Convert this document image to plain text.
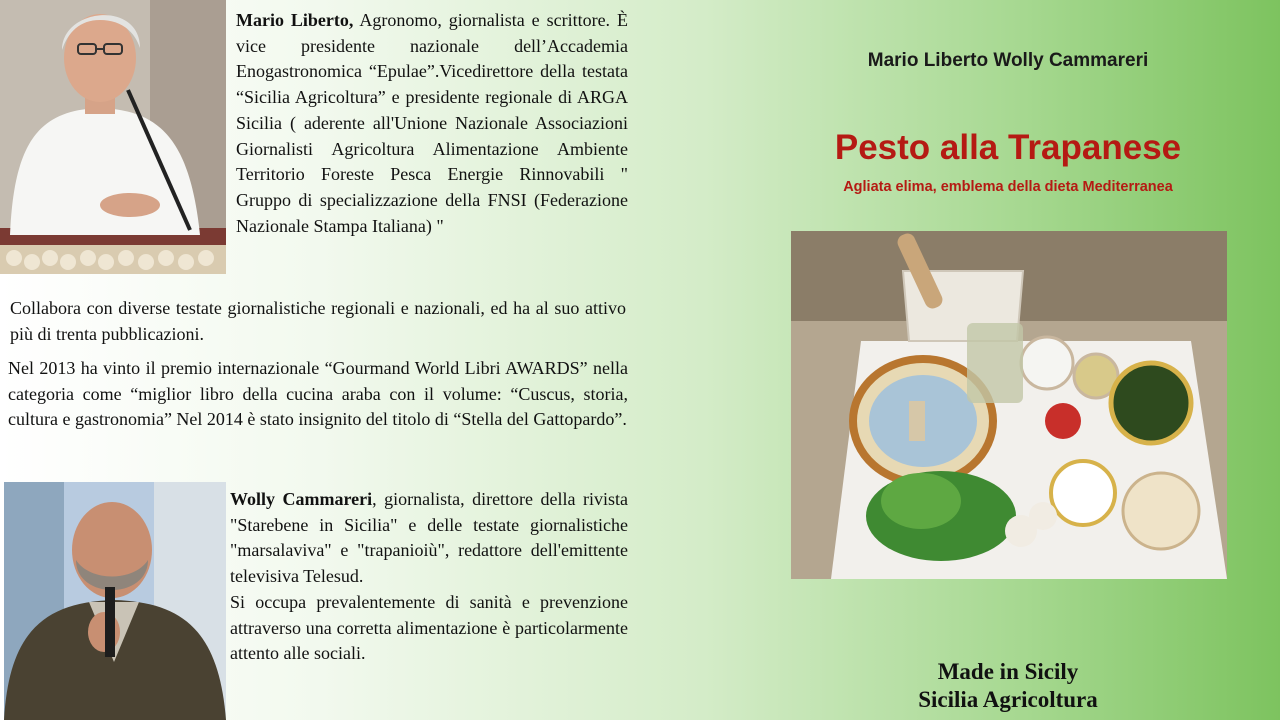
Mario Liberto, Agronomo, giornalista e scrittore. È vice presidente nazionale dell’Accademia Enogastronomica “Epulae”.Vicedirettore della testata “Sicilia Agricoltura” e presidente regionale di ARGA Sicilia ( aderente all'Unione Nazionale Associazioni Giornalisti Agricoltura Alimentazione Ambiente Territorio Foreste Pesca Energie Rinnovabili " Gruppo di specializzazione della FNSI (Federazione Nazionale Stampa Italiana) "

Collabora con diverse testate giornalistiche regionali e nazionali, ed ha al suo attivo più di trenta pubblicazioni.

Nel 2013 ha vinto il premio internazionale “Gourmand World Libri AWARDS” nella categoria come “miglior libro della cucina araba con il volume: “Cuscus, storia, cultura e gastronomia” Nel 2014 è stato insignito del titolo di “Stella del Gattopardo”.

Wolly Cammareri, giornalista, direttore della rivista "Starebene in Sicilia" e delle testate giornalistiche "marsalaviva" e "trapanioiù", redattore dell'emittente televisiva Telesud.

Si occupa prevalentemente di sanità e prevenzione attraverso una corretta alimentazione è particolarmente attento alle sociali.

Mario Liberto Wolly Cammareri
Pesto alla Trapanese
Agliata elima, emblema della dieta Mediterranea
Made in Sicily
Sicilia Agricoltura
